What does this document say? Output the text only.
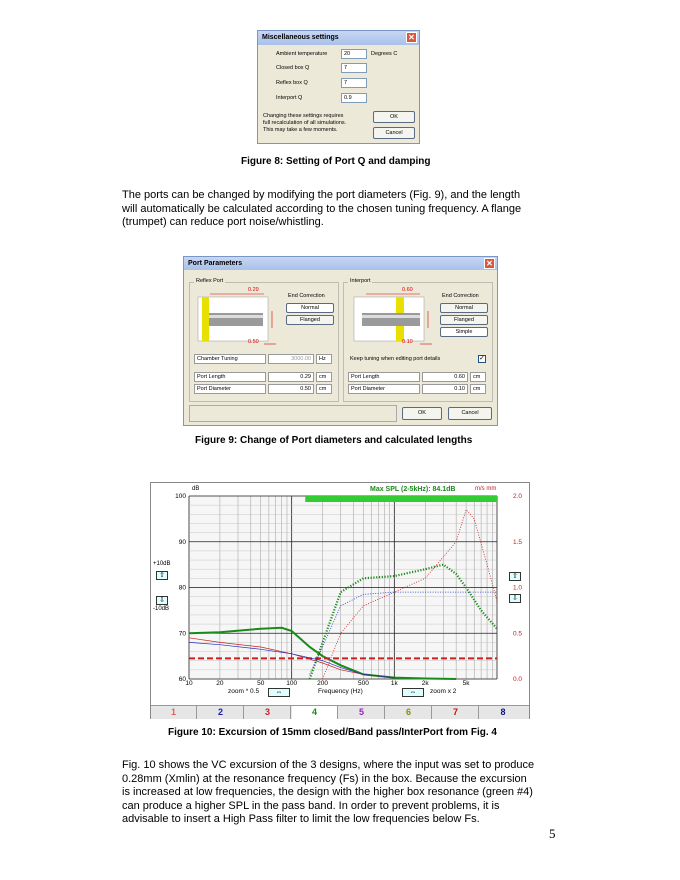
Miscellaneous settings	✕
Ambient temperature	20	Degrees C
Closed box Q	7
Reflex box Q	7
Interport Q	0.9
Changing these settings requires
full recalculation of all simulations.
This may take a few moments.
OK
Cancel
Figure 8: Setting of Port Q and damping
The ports can be changed by modifying the port diameters (Fig. 9), and the length
will automatically be calculated according to the chosen tuning frequency. A flange
(trumpet) can reduce port noise/whistling.
Port Parameters	✕
Reflex Port
0.29
0.50
End Correction
Normal
Flanged
Chamber Tuning	3000.00	Hz
Port Length	0.29	cm
Port Diameter	0.50	cm
Interport
0.60
0.10
End Correction
Normal
Flanged
Simple
Keep tuning when editing port details	✓
Port Length	0.60	cm
Port Diameter	0.10	cm
OK	Cancel
Figure 9: Change of Port diameters and calculated lengths
10	20	50	100	200	500	1k	2k	5k
60
70
80
90
100
0.0
0.5
1.0
1.5
2.0
dB	Max SPL (2-5kHz): 84.1dB	m/s mm
Frequency (Hz)
zoom * 0.5	⇔	⇔	zoom x 2
+10dB
⇧
⇩
-10dB
⇧
⇩
1	2	3	4	5	6	7	8
Figure 10: Excursion of 15mm closed/Band pass/InterPort from Fig. 4
Fig. 10 shows the VC excursion of the 3 designs, where the input was set to produce
0.28mm (Xmlin) at the resonance frequency (Fs) in the box. Because the excursion
is increased at low frequencies, the design with the higher box resonance (green #4)
can produce a higher SPL in the pass band. In order to prevent problems, it is
advisable to insert a High Pass filter to limit the low frequencies below Fs.
5
